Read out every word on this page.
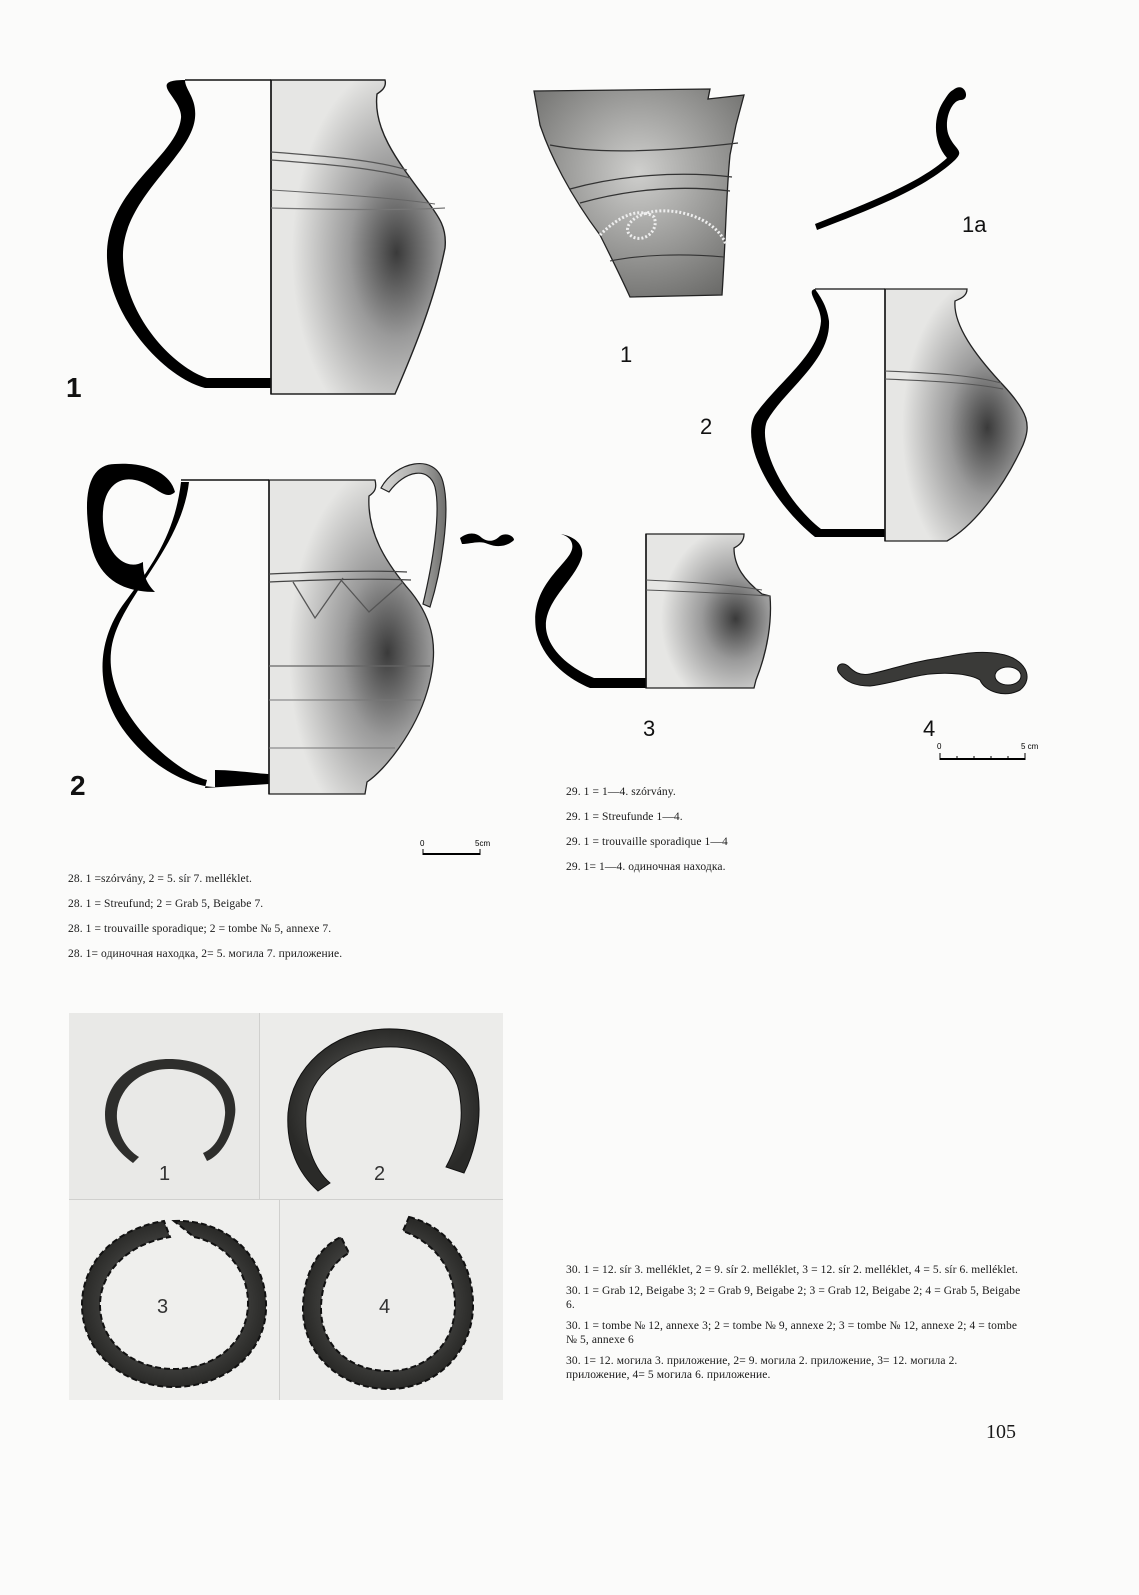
1
2
0	5cm

28. 1 =szórvány, 2 = 5. sír 7. melléklet.

28. 1 = Streufund; 2 = Grab 5, Beigabe 7.

28. 1 = trouvaille sporadique; 2 = tombe № 5, annexe 7.

28. 1= одиночная находка, 2= 5. могила 7. приложение.

1
1a
2
3	4
0	5 cm

29. 1 = 1—4. szórvány.

29. 1 = Streufunde 1—4.

29. 1 = trouvaille sporadique 1—4

29. 1= 1—4. одиночная находка.

1	2
3	4

30. 1 = 12. sír 3. melléklet, 2 = 9. sír 2. melléklet, 3 = 12. sír 2. melléklet, 4 = 5. sír 6. melléklet.

30. 1 = Grab 12, Beigabe 3; 2 = Grab 9, Beigabe 2; 3 = Grab 12, Beigabe 2; 4 = Grab 5, Beigabe 6.

30. 1 = tombe № 12, annexe 3; 2 = tombe № 9, annexe 2; 3 = tombe № 12, annexe 2; 4 = tombe № 5, annexe 6

30. 1= 12. могила 3. приложение, 2= 9. могила 2. приложение, 3= 12. могила 2. приложение, 4= 5 могила 6. приложение.

105
